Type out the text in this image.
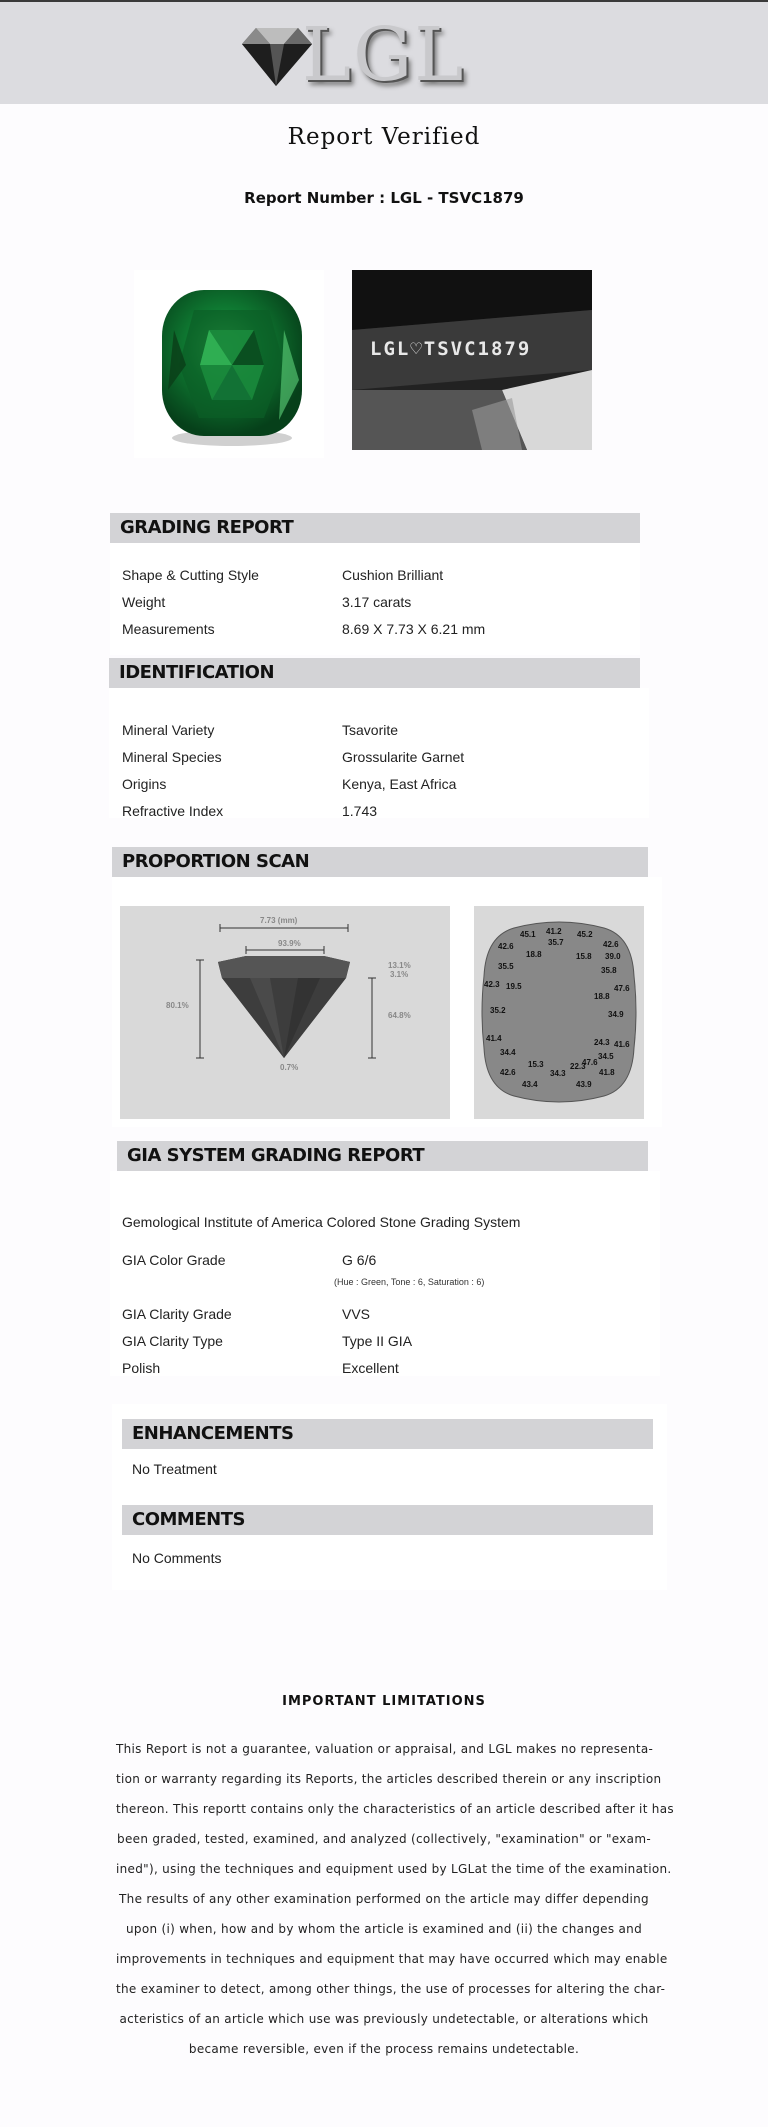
LGL
Report Verified
Report Number : LGL - TSVC1879
LGL♡TSVC1879
GRADING REPORT
Shape & Cutting Style	Cushion Brilliant
Weight	3.17 carats
Measurements	8.69 X 7.73 X 6.21 mm
IDENTIFICATION
Mineral Variety	Tsavorite
Mineral Species	Grossularite Garnet
Origins	Kenya, East Africa
Refractive Index	1.743
PROPORTION SCAN
7.73 (mm)
93.9%
80.1%
13.1%
3.1%
64.8%
0.7%
45.1 41.2 45.2
42.6	35.7	42.6
18.8	15.8 39.0
35.5	35.8
42.3 19.5	47.6
18.8
35.2	34.9
41.4	24.3 41.6
34.4	34.5
15.3	22.3
47.6
42.6	34.3	41.8
43.4	43.9
GIA SYSTEM GRADING REPORT
Gemological Institute of America Colored Stone Grading System
GIA Color Grade	G 6/6
(Hue : Green, Tone : 6, Saturation : 6)
GIA Clarity Grade	VVS
GIA Clarity Type	Type II GIA
Polish	Excellent
ENHANCEMENTS
No Treatment
COMMENTS
No Comments
IMPORTANT LIMITATIONS
This Report is not a guarantee, valuation or appraisal, and LGL makes no representa-
tion or warranty regarding its Reports, the articles described therein or any inscription
thereon. This reportt contains only the characteristics of an article described after it has
been graded, tested, examined, and analyzed (collectively, "examination" or "exam-
ined"), using the techniques and equipment used by LGLat the time of the examination.
The results of any other examination performed on the article may differ depending
upon (i) when, how and by whom the article is examined and (ii) the changes and
improvements in techniques and equipment that may have occurred which may enable
the examiner to detect, among other things, the use of processes for altering the char-
acteristics of an article which use was previously undetectable, or alterations which
became reversible, even if the process remains undetectable.
